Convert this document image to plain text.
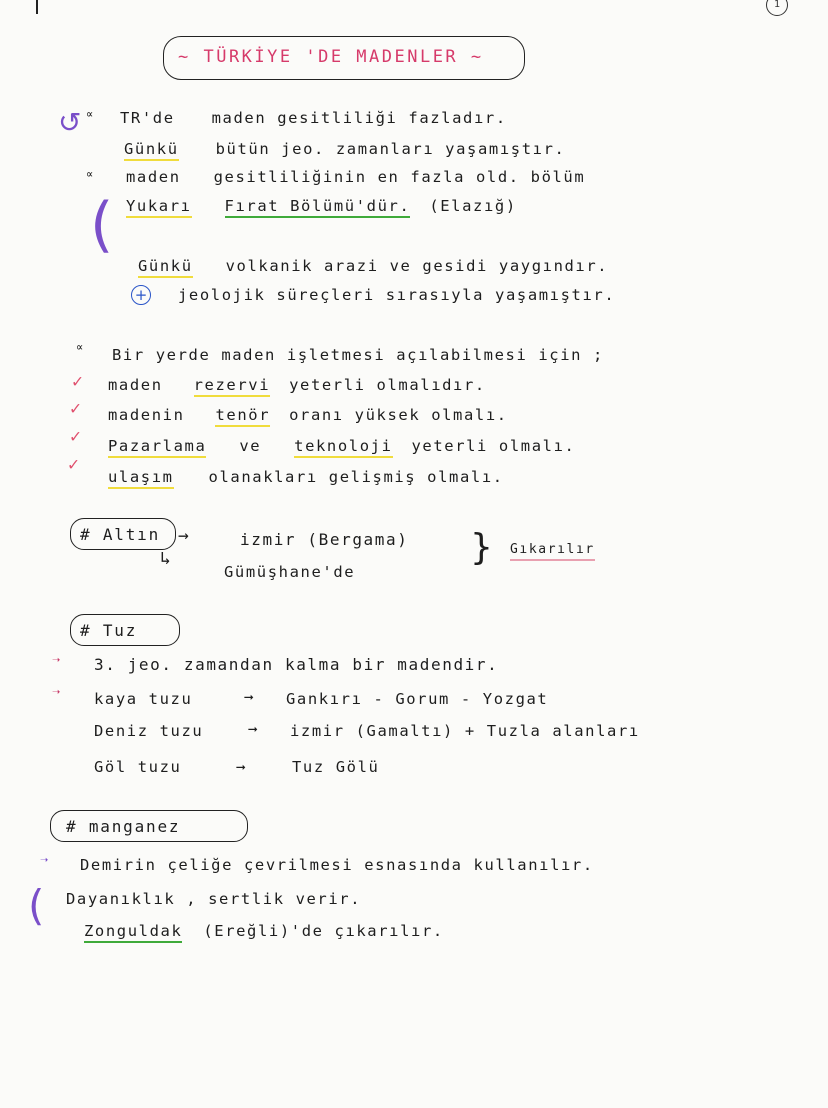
1
~ TÜRKİYE 'DE MADENLER ~
↺ ∝ TR'de maden gesitliliği fazladır.
Günkü bütün jeo. zamanları yaşamıştır.
∝ maden gesitliliğinin en fazla old. bölüm
( Yukarı Fırat Bölümü'dür. (Elazığ)
Günkü volkanik arazi ve gesidi yaygındır.
+ jeolojik süreçleri sırasıyla yaşamıştır.
∝ Bir yerde maden işletmesi açılabilmesi için ;
✓
✓
✓
✓
maden rezervi yeterli olmalıdır.
madenin tenör oranı yüksek olmalı.
Pazarlama ve teknoloji yeterli olmalı.
ulaşım olanakları gelişmiş olmalı.
# Altın →	izmir (Bergama)
↳
Gümüşhane'de
} Gıkarılır
# Tuz
➝ 3. jeo. zamandan kalma bir madendir.
➝ kaya tuzu	➞ Gankırı - Gorum - Yozgat
Deniz tuzu	➞ izmir (Gamaltı) + Tuzla alanları
Göl tuzu	➞	Tuz Gölü
# manganez
➝ Demirin çeliğe çevrilmesi esnasında kullanılır.
( Dayanıklık , sertlik verir.
Zonguldak (Ereğli)'de çıkarılır.
